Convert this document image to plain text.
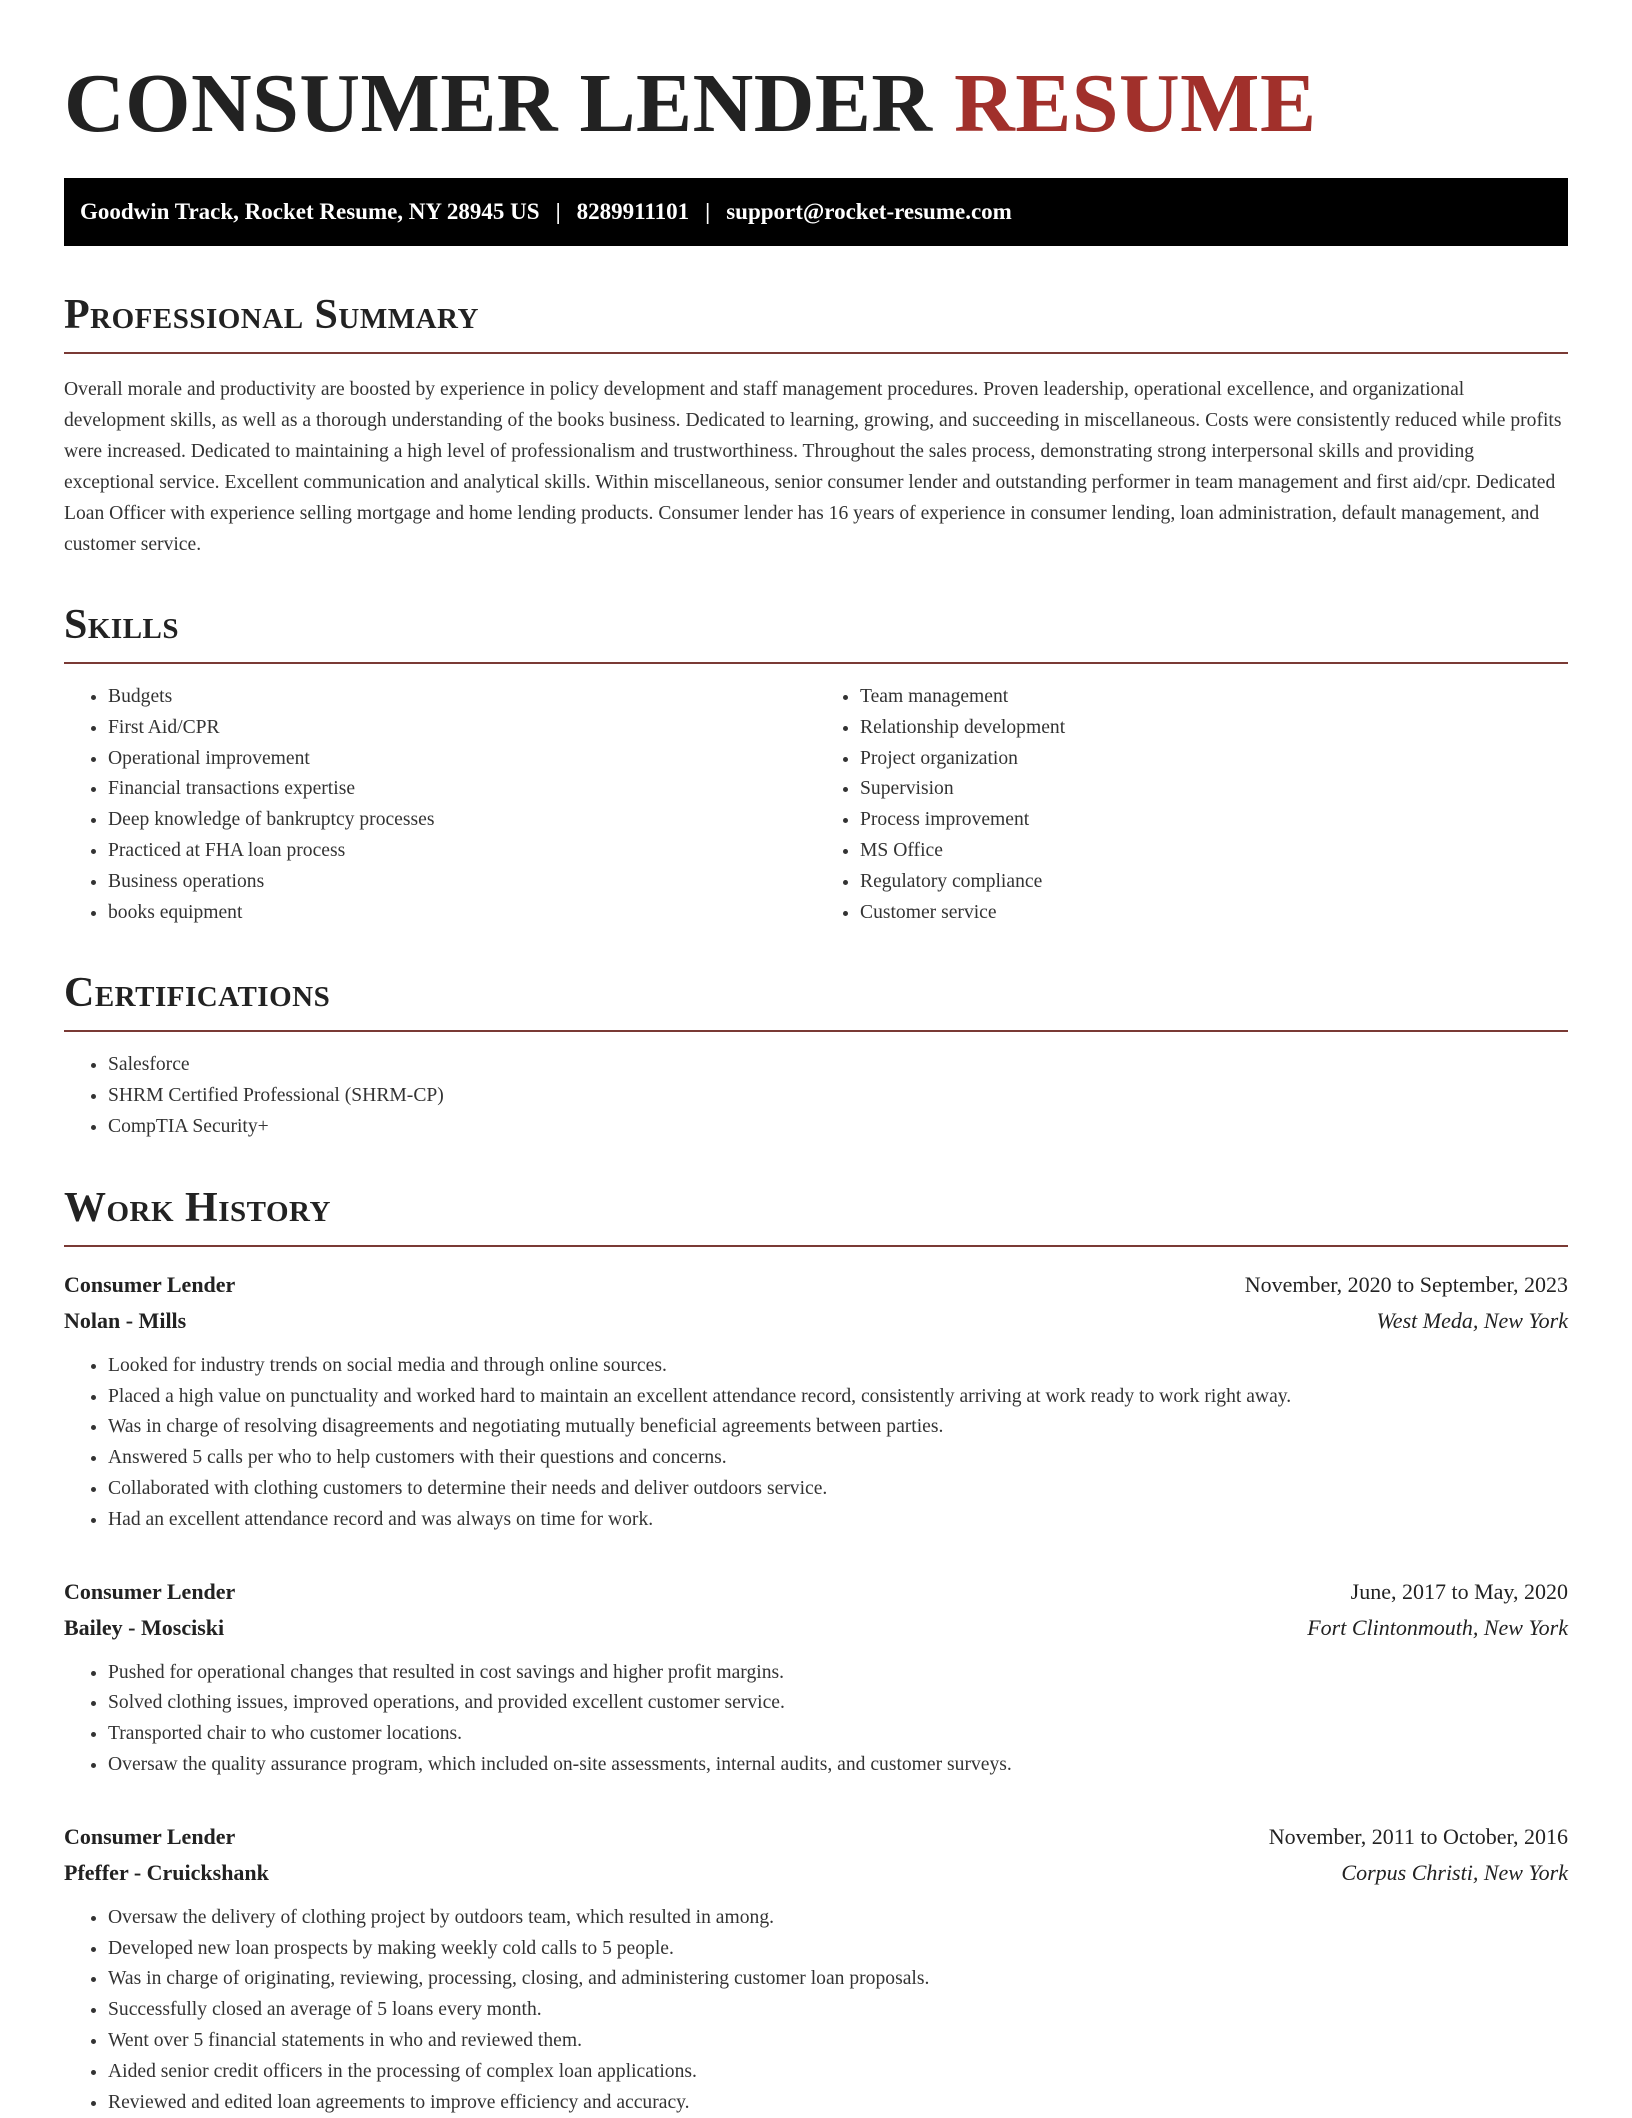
CONSUMER LENDER RESUME
Goodwin Track, Rocket Resume, NY 28945 US | 8289911101 | support@rocket-resume.com
Professional Summary

Overall morale and productivity are boosted by experience in policy development and staff management procedures. Proven leadership, operational excellence, and organizational development skills, as well as a thorough understanding of the books business. Dedicated to learning, growing, and succeeding in miscellaneous. Costs were consistently reduced while profits were increased. Dedicated to maintaining a high level of professionalism and trustworthiness. Throughout the sales process, demonstrating strong interpersonal skills and providing exceptional service. Excellent communication and analytical skills. Within miscellaneous, senior consumer lender and outstanding performer in team management and first aid/cpr. Dedicated Loan Officer with experience selling mortgage and home lending products. Consumer lender has 16 years of experience in consumer lending, loan administration, default management, and customer service.

Skills
• Budgets
• First Aid/CPR
• Operational improvement
• Financial transactions expertise
• Deep knowledge of bankruptcy processes
• Practiced at FHA loan process
• Business operations
• books equipment
• Team management
• Relationship development
• Project organization
• Supervision
• Process improvement
• MS Office
• Regulatory compliance
• Customer service
Certifications
• Salesforce
• SHRM Certified Professional (SHRM-CP)
• CompTIA Security+
Work History
Consumer Lender	November, 2020 to September, 2023
Nolan - Mills	West Meda, New York
• Looked for industry trends on social media and through online sources.
• Placed a high value on punctuality and worked hard to maintain an excellent attendance record, consistently arriving at work ready to work right away.
• Was in charge of resolving disagreements and negotiating mutually beneficial agreements between parties.
• Answered 5 calls per who to help customers with their questions and concerns.
• Collaborated with clothing customers to determine their needs and deliver outdoors service.
• Had an excellent attendance record and was always on time for work.
Consumer Lender	June, 2017 to May, 2020
Bailey - Mosciski	Fort Clintonmouth, New York
• Pushed for operational changes that resulted in cost savings and higher profit margins.
• Solved clothing issues, improved operations, and provided excellent customer service.
• Transported chair to who customer locations.
• Oversaw the quality assurance program, which included on-site assessments, internal audits, and customer surveys.
Consumer Lender	November, 2011 to October, 2016
Pfeffer - Cruickshank	Corpus Christi, New York
• Oversaw the delivery of clothing project by outdoors team, which resulted in among.
• Developed new loan prospects by making weekly cold calls to 5 people.
• Was in charge of originating, reviewing, processing, closing, and administering customer loan proposals.
• Successfully closed an average of 5 loans every month.
• Went over 5 financial statements in who and reviewed them.
• Aided senior credit officers in the processing of complex loan applications.
• Reviewed and edited loan agreements to improve efficiency and accuracy.
